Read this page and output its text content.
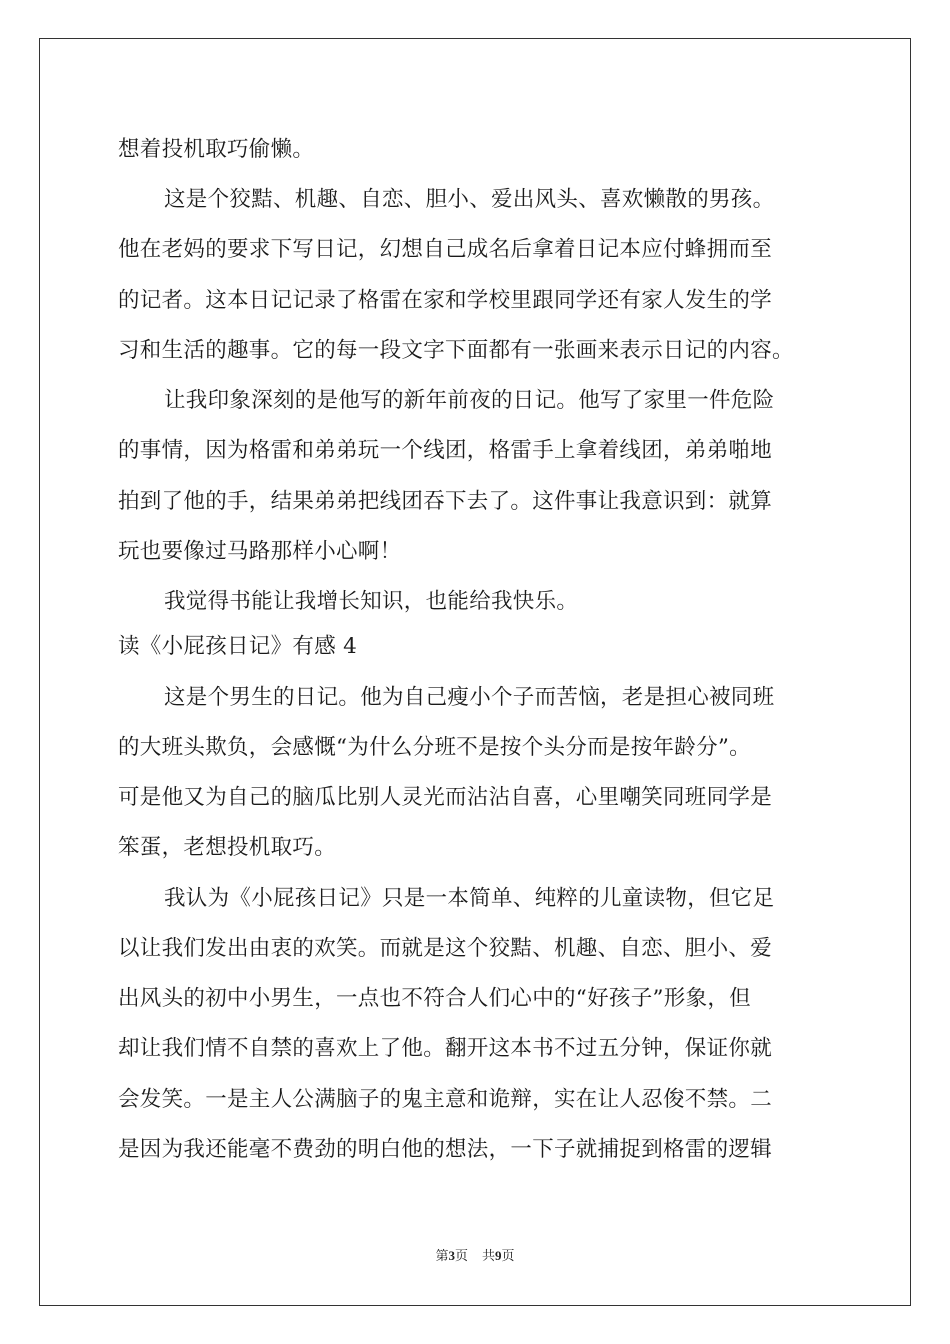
想着投机取巧偷懒。
这是个狡黠、机趣、自恋、胆小、爱出风头、喜欢懒散的男孩。
他在老妈的要求下写日记，幻想自己成名后拿着日记本应付蜂拥而至
的记者。这本日记记录了格雷在家和学校里跟同学还有家人发生的学
习和生活的趣事。它的每一段文字下面都有一张画来表示日记的内容。
让我印象深刻的是他写的新年前夜的日记。他写了家里一件危险
的事情，因为格雷和弟弟玩一个线团，格雷手上拿着线团，弟弟啪地
拍到了他的手，结果弟弟把线团吞下去了。这件事让我意识到：就算
玩也要像过马路那样小心啊！
我觉得书能让我增长知识，也能给我快乐。
读《小屁孩日记》有感 4
这是个男生的日记。他为自己瘦小个子而苦恼，老是担心被同班
的大班头欺负，会感慨“为什么分班不是按个头分而是按年龄分”。
可是他又为自己的脑瓜比别人灵光而沾沾自喜，心里嘲笑同班同学是
笨蛋，老想投机取巧。
我认为《小屁孩日记》只是一本简单、纯粹的儿童读物，但它足
以让我们发出由衷的欢笑。而就是这个狡黠、机趣、自恋、胆小、爱
出风头的初中小男生，一点也不符合人们心中的“好孩子”形象，但
却让我们情不自禁的喜欢上了他。翻开这本书不过五分钟，保证你就
会发笑。一是主人公满脑子的鬼主意和诡辩，实在让人忍俊不禁。二
是因为我还能毫不费劲的明白他的想法，一下子就捕捉到格雷的逻辑
第3页 共9页
